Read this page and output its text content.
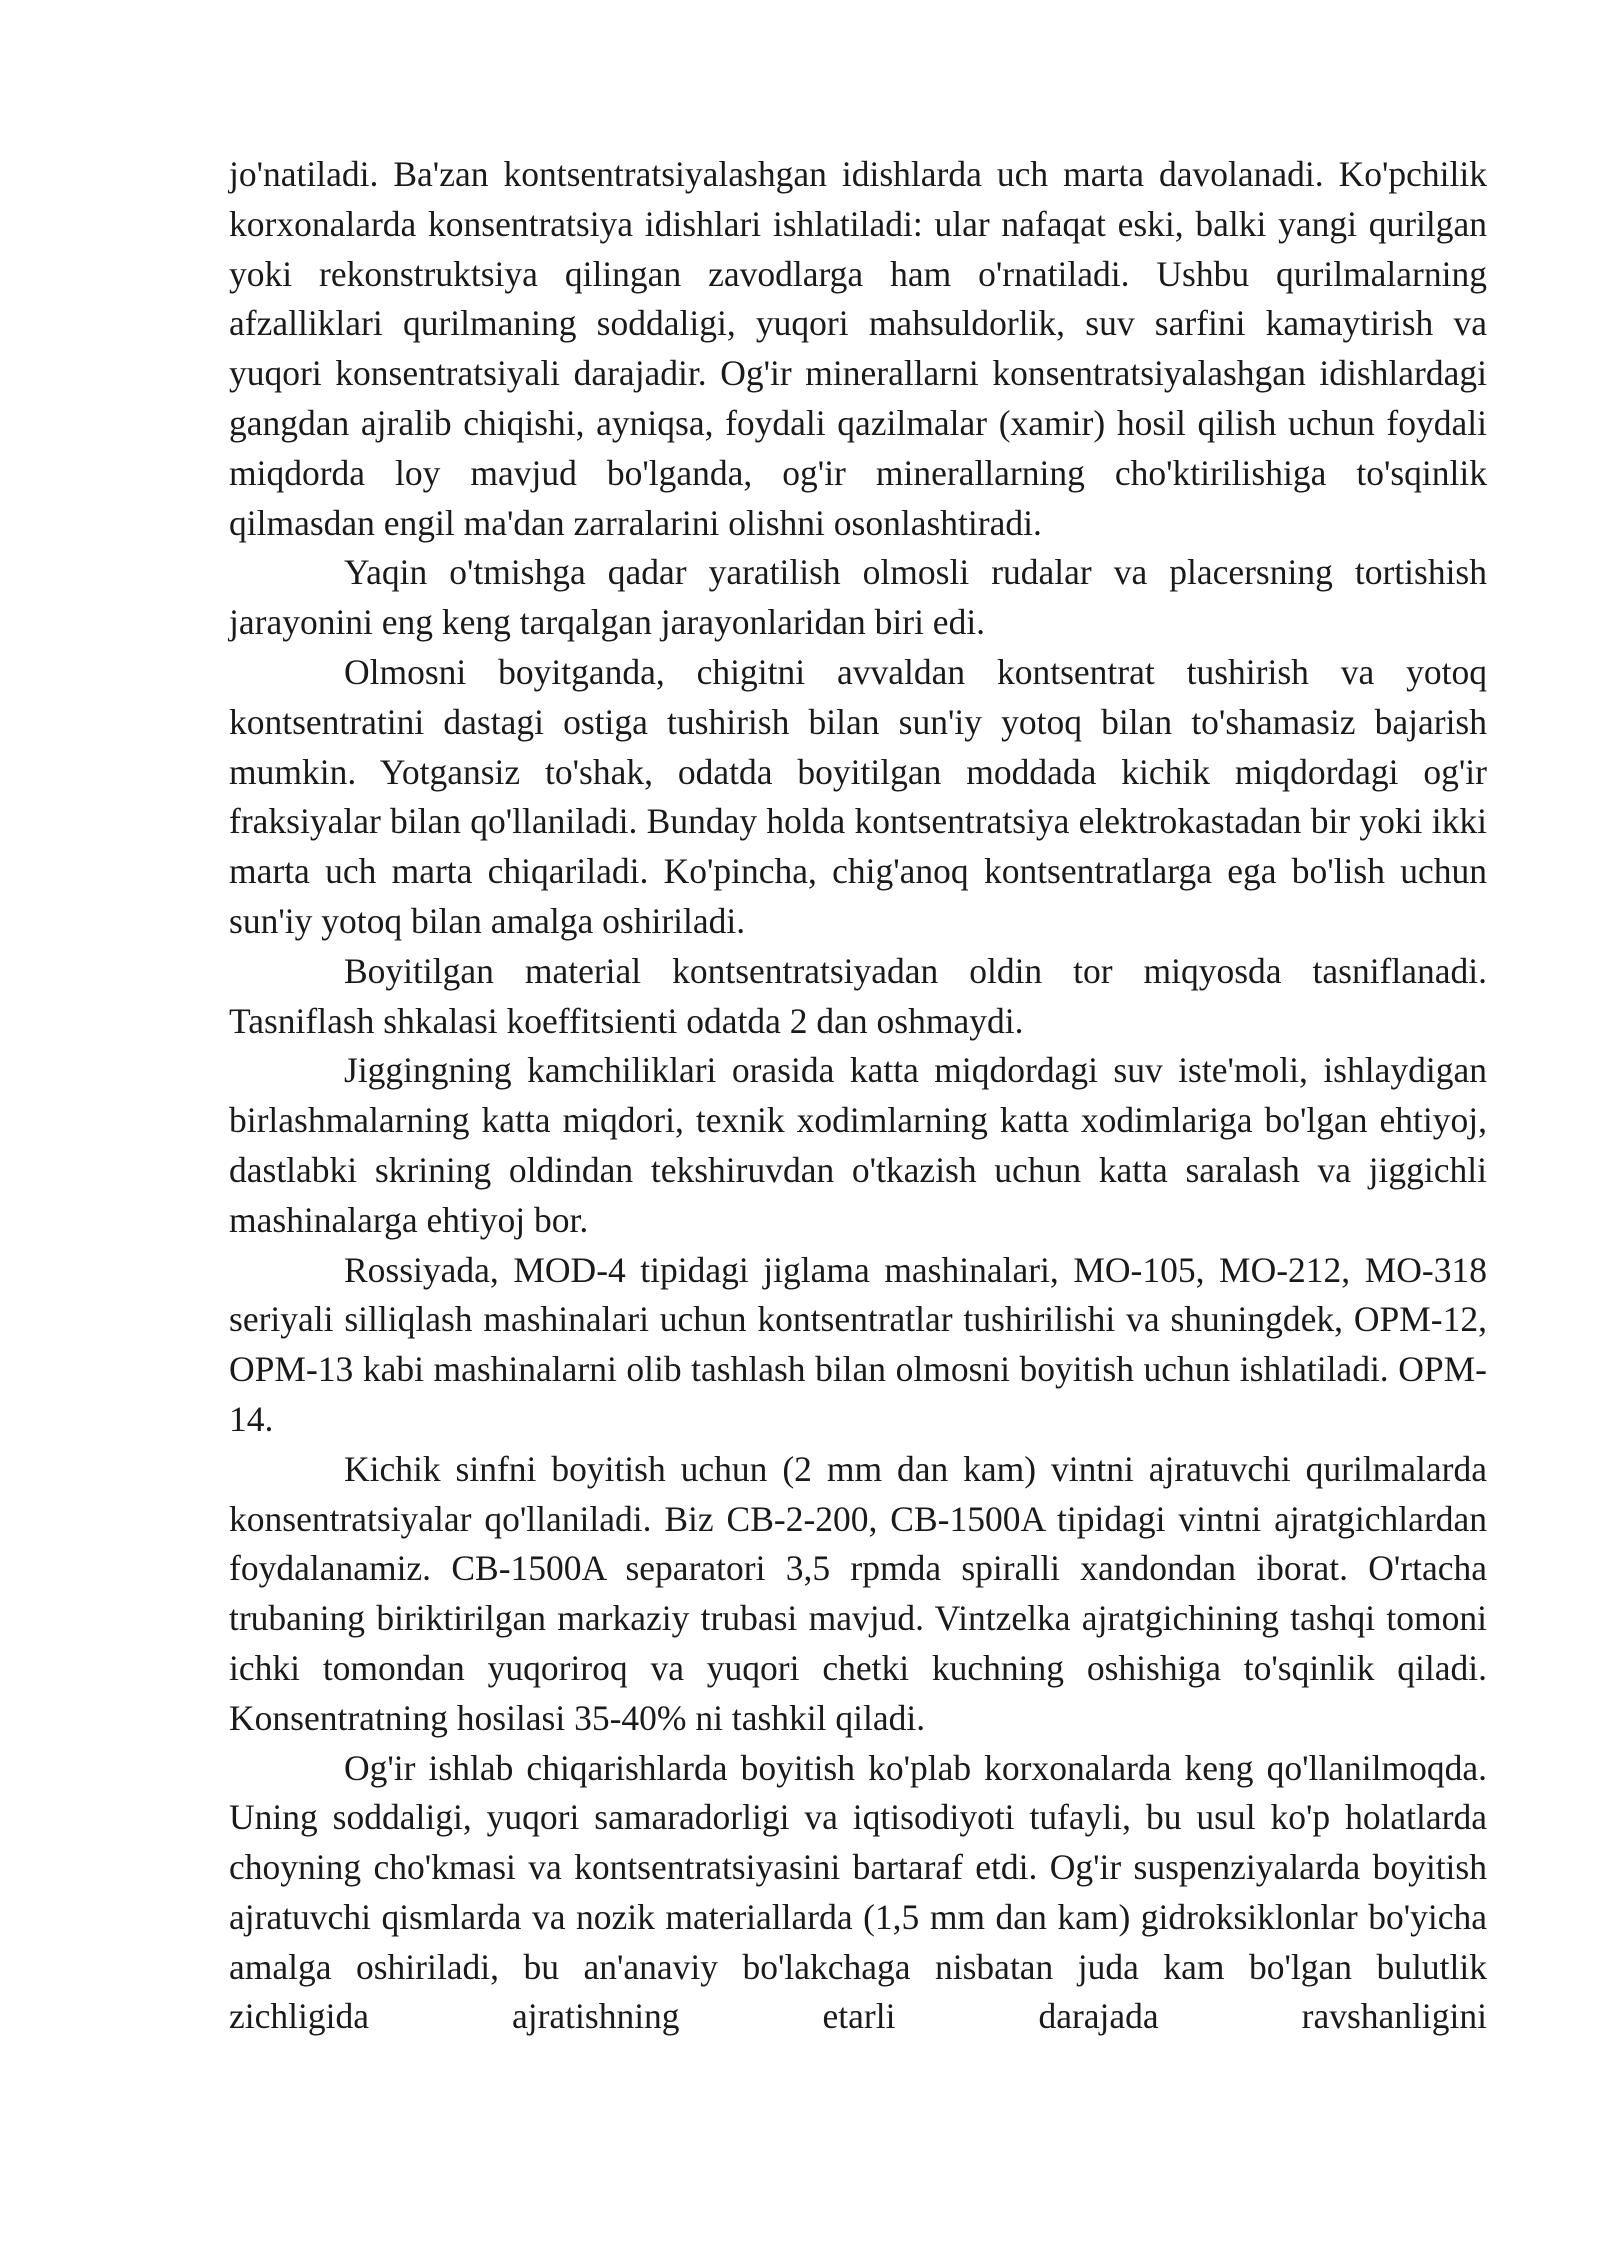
jo'natiladi. Ba'zan kontsentratsiyalashgan idishlarda uch marta davolanadi. Ko'pchilik korxonalarda konsentratsiya idishlari ishlatiladi: ular nafaqat eski, balki yangi qurilgan yoki rekonstruktsiya qilingan zavodlarga ham o'rnatiladi. Ushbu qurilmalarning afzalliklari qurilmaning soddaligi, yuqori mahsuldorlik, suv sarfini kamaytirish va yuqori konsentratsiyali darajadir. Og'ir minerallarni konsentratsiyalashgan idishlardagi gangdan ajralib chiqishi, ayniqsa, foydali qazilmalar (xamir) hosil qilish uchun foydali miqdorda loy mavjud bo'lganda, og'ir minerallarning cho'ktirilishiga to'sqinlik qilmasdan engil ma'dan zarralarini olishni osonlashtiradi.

Yaqin o'tmishga qadar yaratilish olmosli rudalar va placersning tortishish jarayonini eng keng tarqalgan jarayonlaridan biri edi.

Olmosni boyitganda, chigitni avvaldan kontsentrat tushirish va yotoq kontsentratini dastagi ostiga tushirish bilan sun'iy yotoq bilan to'shamasiz bajarish mumkin. Yotgansiz to'shak, odatda boyitilgan moddada kichik miqdordagi og'ir fraksiyalar bilan qo'llaniladi. Bunday holda kontsentratsiya elektrokastadan bir yoki ikki marta uch marta chiqariladi. Ko'pincha, chig'anoq kontsentratlarga ega bo'lish uchun sun'iy yotoq bilan amalga oshiriladi.

Boyitilgan material kontsentratsiyadan oldin tor miqyosda tasniflanadi. Tasniflash shkalasi koeffitsienti odatda 2 dan oshmaydi.

Jiggingning kamchiliklari orasida katta miqdordagi suv iste'moli, ishlaydigan birlashmalarning katta miqdori, texnik xodimlarning katta xodimlariga bo'lgan ehtiyoj, dastlabki skrining oldindan tekshiruvdan o'tkazish uchun katta saralash va jiggichli mashinalarga ehtiyoj bor.

Rossiyada, MOD-4 tipidagi jiglama mashinalari, MO-105, MO-212, MO-318 seriyali silliqlash mashinalari uchun kontsentratlar tushirilishi va shuningdek, OPM-12, OPM-13 kabi mashinalarni olib tashlash bilan olmosni boyitish uchun ishlatiladi. OPM-14.

Kichik sinfni boyitish uchun (2 mm dan kam) vintni ajratuvchi qurilmalarda konsentratsiyalar qo'llaniladi. Biz CB-2-200, CB-1500A tipidagi vintni ajratgichlardan foydalanamiz. CB-1500A separatori 3,5 rpmda spiralli xandondan iborat. O'rtacha trubaning biriktirilgan markaziy trubasi mavjud. Vintzelka ajratgichining tashqi tomoni ichki tomondan yuqoriroq va yuqori chetki kuchning oshishiga to'sqinlik qiladi. Konsentratning hosilasi 35-40% ni tashkil qiladi.

Og'ir ishlab chiqarishlarda boyitish ko'plab korxonalarda keng qo'llanilmoqda. Uning soddaligi, yuqori samaradorligi va iqtisodiyoti tufayli, bu usul ko'p holatlarda choyning cho'kmasi va kontsentratsiyasini bartaraf etdi. Og'ir suspenziyalarda boyitish ajratuvchi qismlarda va nozik materiallarda (1,5 mm dan kam) gidroksiklonlar bo'yicha amalga oshiriladi, bu an'anaviy bo'lakchaga nisbatan juda kam bo'lgan bulutlik zichligida ajratishning etarli darajada ravshanligini
